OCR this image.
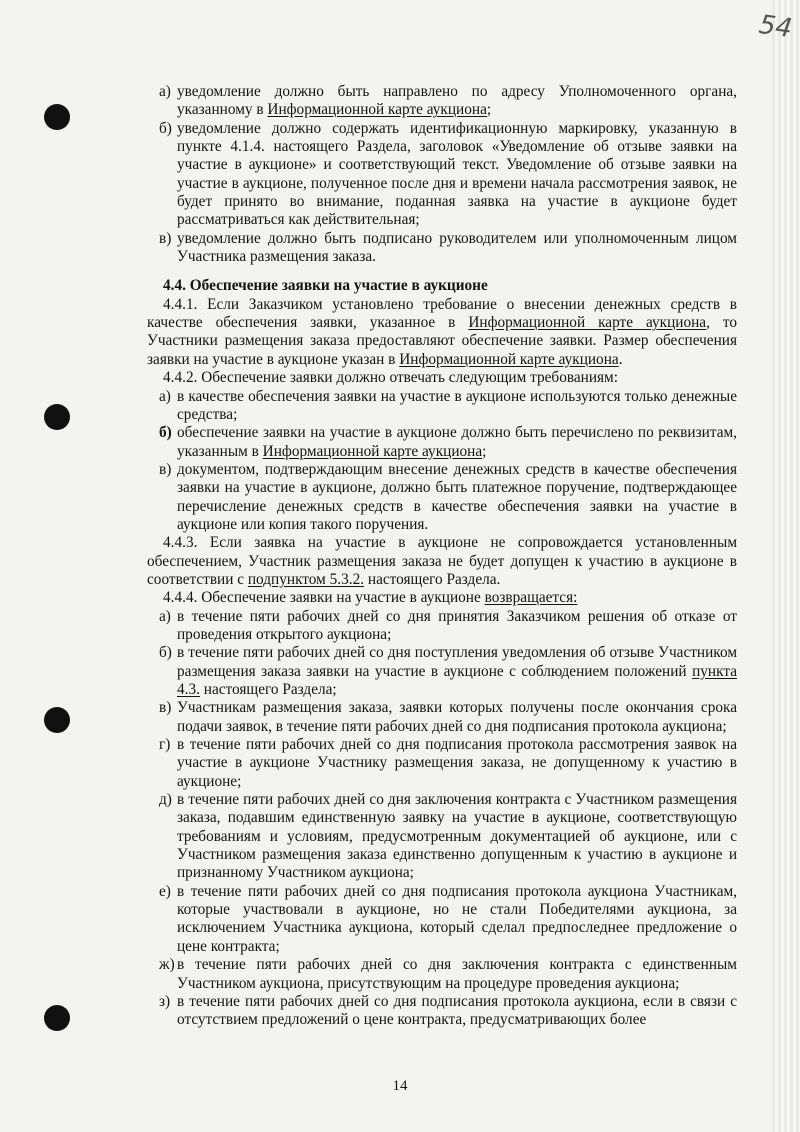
54
а) уведомление должно быть направлено по адресу Уполномоченного органа, указанному в Информационной карте аукциона;
б) уведомление должно содержать идентификационную маркировку, указанную в пункте 4.1.4. настоящего Раздела, заголовок «Уведомление об отзыве заявки на участие в аукционе» и соответствующий текст. Уведомление об отзыве заявки на участие в аукционе, полученное после дня и времени начала рассмотрения заявок, не будет принято во внимание, поданная заявка на участие в аукционе будет рассматриваться как действительная;
в) уведомление должно быть подписано руководителем или уполномоченным лицом Участника размещения заказа.

4.4. Обеспечение заявки на участие в аукционе

4.4.1. Если Заказчиком установлено требование о внесении денежных средств в качестве обеспечения заявки, указанное в Информационной карте аукциона, то Участники размещения заказа предоставляют обеспечение заявки. Размер обеспечения заявки на участие в аукционе указан в Информационной карте аукциона.

4.4.2. Обеспечение заявки должно отвечать следующим требованиям:

а) в качестве обеспечения заявки на участие в аукционе используются только денежные средства;
б) обеспечение заявки на участие в аукционе должно быть перечислено по реквизитам, указанным в Информационной карте аукциона;
в) документом, подтверждающим внесение денежных средств в качестве обеспечения заявки на участие в аукционе, должно быть платежное поручение, подтверждающее перечисление денежных средств в качестве обеспечения заявки на участие в аукционе или копия такого поручения.

4.4.3. Если заявка на участие в аукционе не сопровождается установленным обеспечением, Участник размещения заказа не будет допущен к участию в аукционе в соответствии с подпунктом 5.3.2. настоящего Раздела.

4.4.4. Обеспечение заявки на участие в аукционе возвращается:

а) в течение пяти рабочих дней со дня принятия Заказчиком решения об отказе от проведения открытого аукциона;
б) в течение пяти рабочих дней со дня поступления уведомления об отзыве Участником размещения заказа заявки на участие в аукционе с соблюдением положений пункта 4.3. настоящего Раздела;
в) Участникам размещения заказа, заявки которых получены после окончания срока подачи заявок, в течение пяти рабочих дней со дня подписания протокола аукциона;
г) в течение пяти рабочих дней со дня подписания протокола рассмотрения заявок на участие в аукционе Участнику размещения заказа, не допущенному к участию в аукционе;
д) в течение пяти рабочих дней со дня заключения контракта с Участником размещения заказа, подавшим единственную заявку на участие в аукционе, соответствующую требованиям и условиям, предусмотренным документацией об аукционе, или с Участником размещения заказа единственно допущенным к участию в аукционе и признанному Участником аукциона;
е) в течение пяти рабочих дней со дня подписания протокола аукциона Участникам, которые участвовали в аукционе, но не стали Победителями аукциона, за исключением Участника аукциона, который сделал предпоследнее предложение о цене контракта;
ж) в течение пяти рабочих дней со дня заключения контракта с единственным Участником аукциона, присутствующим на процедуре проведения аукциона;
з) в течение пяти рабочих дней со дня подписания протокола аукциона, если в связи с отсутствием предложений о цене контракта, предусматривающих более
14
